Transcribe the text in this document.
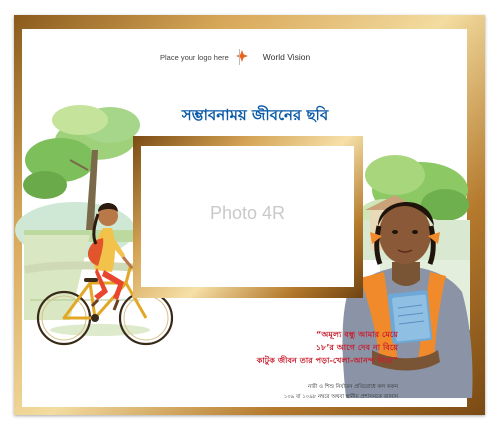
Place your logo here	World Vision
সম্ভাবনাময় জীবনের ছবি
Photo 4R
“অমূল্য বন্ধু আমার মেয়ে
১৮’র আগে দেব না বিয়ে
কাটুক জীবন তার পড়া-খেলা-আনন্দ নিয়ে”
নারী ও শিশু নির্যাতন প্রতিরোধে কল করুন
১০৯ বা ১০৯৮ নম্বরে অথবা স্থানীয় প্রশাসনকে জানান
